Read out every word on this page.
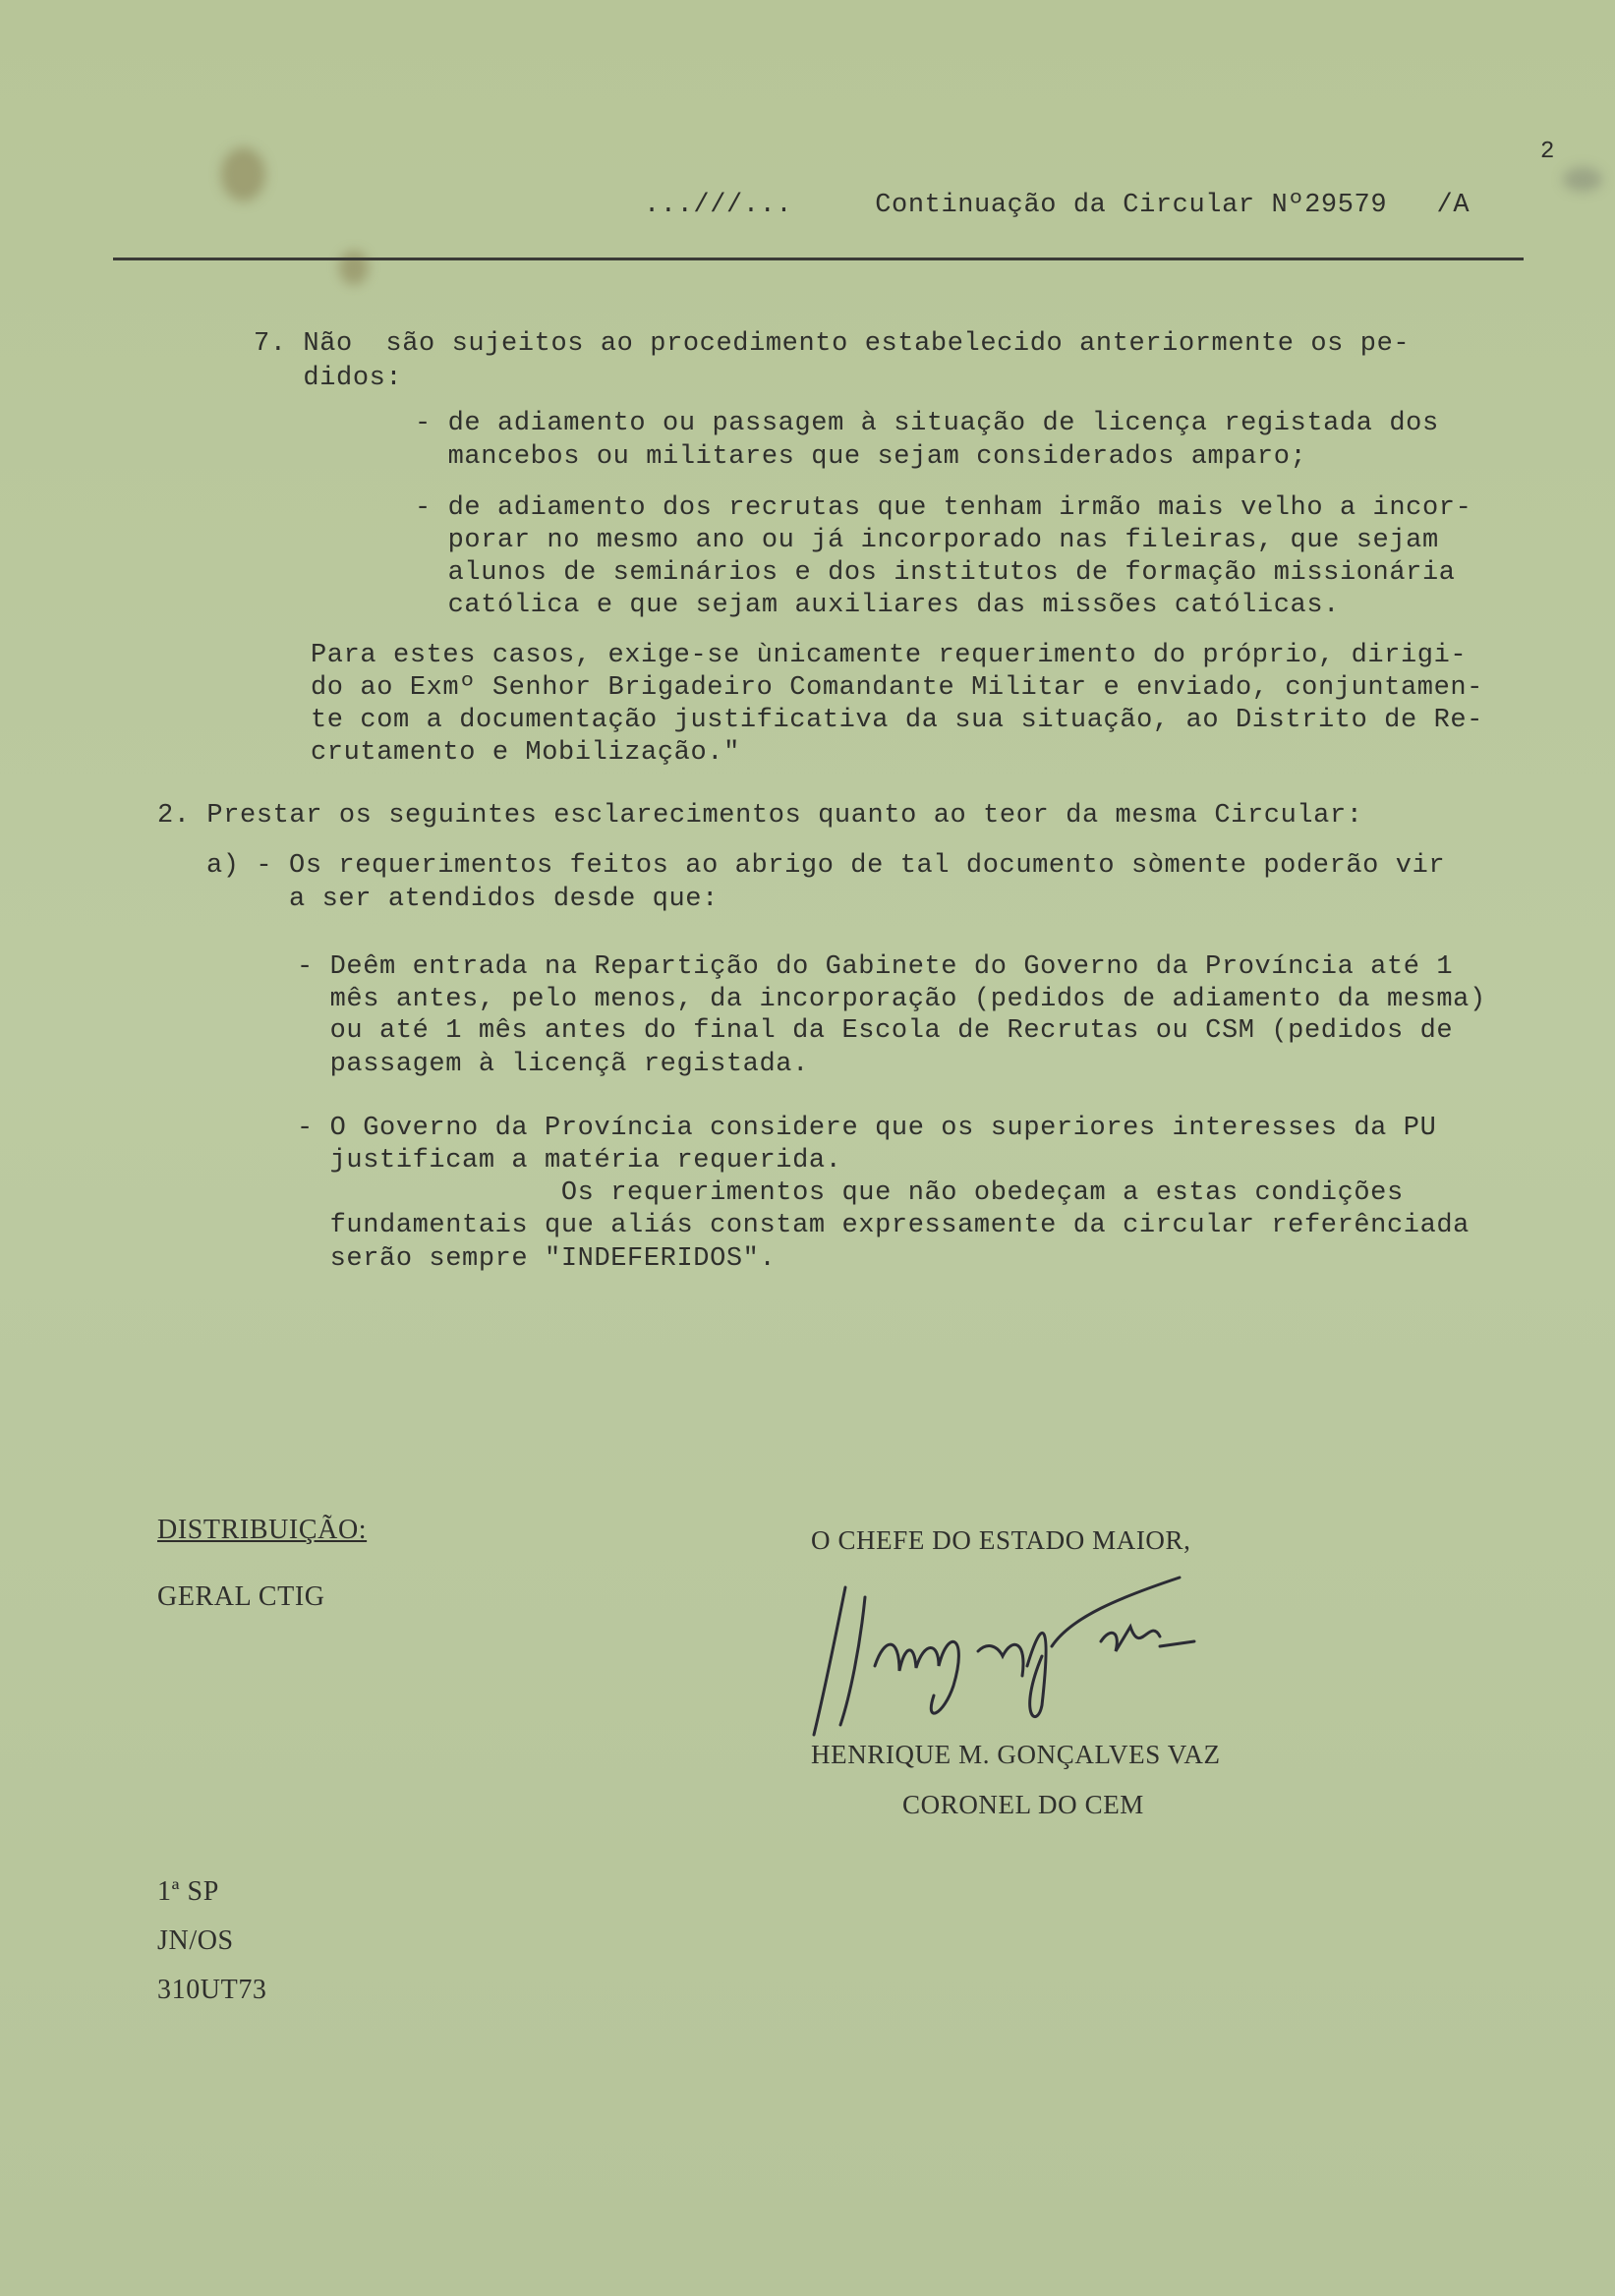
2
...///...     Continuação da Circular Nº29579   /A
7. Não  são sujeitos ao procedimento estabelecido anteriormente os pe-
didos:
- de adiamento ou passagem à situação de licença registada dos
mancebos ou militares que sejam considerados amparo;
- de adiamento dos recrutas que tenham irmão mais velho a incor-
porar no mesmo ano ou já incorporado nas fileiras, que sejam
alunos de seminários e dos institutos de formação missionária
católica e que sejam auxiliares das missões católicas.
Para estes casos, exige-se ùnicamente requerimento do próprio, dirigi-
do ao Exmº Senhor Brigadeiro Comandante Militar e enviado, conjuntamen-
te com a documentação justificativa da sua situação, ao Distrito de Re-
crutamento e Mobilização."
2. Prestar os seguintes esclarecimentos quanto ao teor da mesma Circular:
a) - Os requerimentos feitos ao abrigo de tal documento sòmente poderão vir
a ser atendidos desde que:
- Deêm entrada na Repartição do Gabinete do Governo da Província até 1
mês antes, pelo menos, da incorporação (pedidos de adiamento da mesma)
ou até 1 mês antes do final da Escola de Recrutas ou CSM (pedidos de
passagem à licençã registada.
- O Governo da Província considere que os superiores interesses da PU
justificam a matéria requerida.
Os requerimentos que não obedeçam a estas condições
fundamentais que aliás constam expressamente da circular referênciada
serão sempre "INDEFERIDOS".
DISTRIBUIÇÃO:
GERAL CTIG
O CHEFE DO ESTADO MAIOR,
HENRIQUE M. GONÇALVES VAZ
CORONEL DO CEM
1ª SP
JN/OS
310UT73
